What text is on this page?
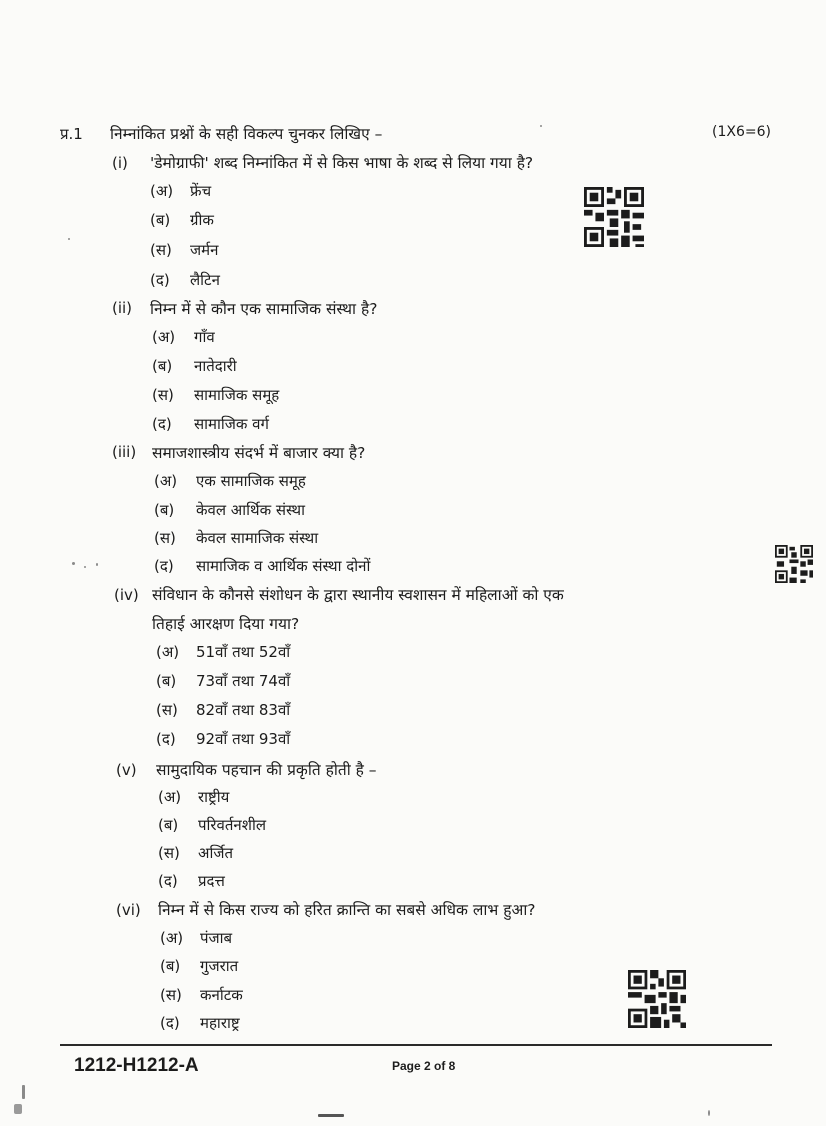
प्र.1 निम्नांकित प्रश्नों के सही विकल्प चुनकर लिखिए –	(1X6=6)
(i) 'डेमोग्राफी' शब्द निम्नांकित में से किस भाषा के शब्द से लिया गया है?
(अ) फ्रेंच
(ब) ग्रीक
(स) जर्मन
(द) लैटिन
(ii) निम्न में से कौन एक सामाजिक संस्था है?
(अ) गाँव
(ब) नातेदारी
(स) सामाजिक समूह
(द) सामाजिक वर्ग
(iii) समाजशास्त्रीय संदर्भ में बाजार क्या है?
(अ) एक सामाजिक समूह
(ब) केवल आर्थिक संस्था
(स) केवल सामाजिक संस्था
(द) सामाजिक व आर्थिक संस्था दोनों
(iv) संविधान के कौनसे संशोधन के द्वारा स्थानीय स्वशासन में महिलाओं को एक
तिहाई आरक्षण दिया गया?
(अ) 51वाँ तथा 52वाँ
(ब) 73वाँ तथा 74वाँ
(स) 82वाँ तथा 83वाँ
(द) 92वाँ तथा 93वाँ
(v) सामुदायिक पहचान की प्रकृति होती है –
(अ) राष्ट्रीय
(ब) परिवर्तनशील
(स) अर्जित
(द) प्रदत्त
(vi) निम्न में से किस राज्य को हरित क्रान्ति का सबसे अधिक लाभ हुआ?
(अ) पंजाब
(ब) गुजरात
(स) कर्नाटक
(द) महाराष्ट्र
1212-H1212-A	Page 2 of 8
